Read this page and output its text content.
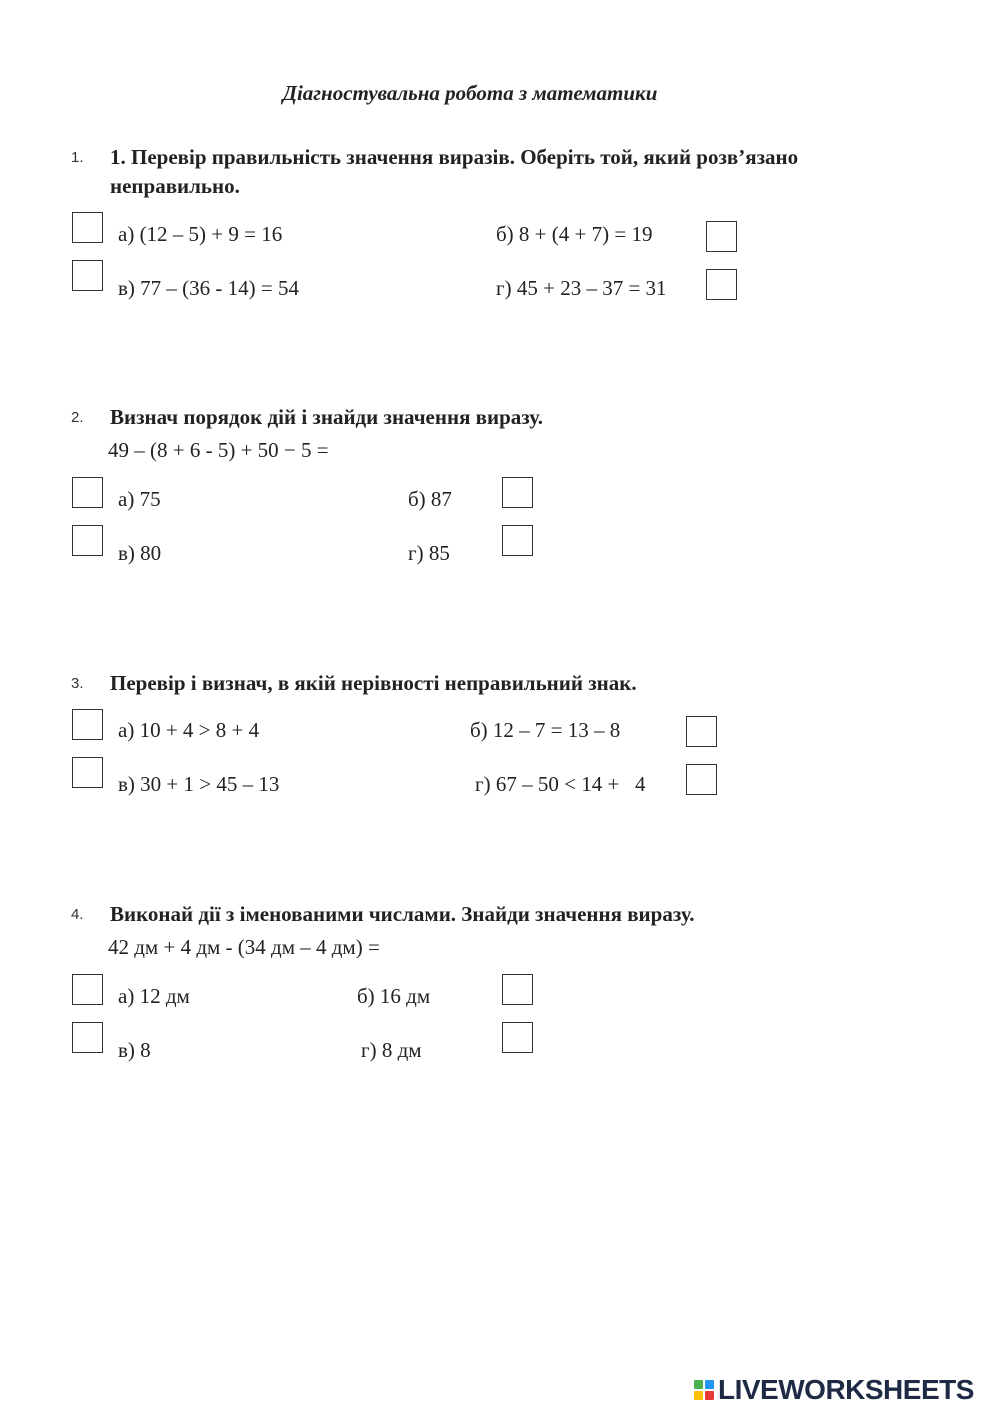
Діагностувальна робота з математики
1. 1. Перевір правильність значення виразів. Оберіть той, який розв’язано неправильно.
а) (12 – 5) + 9 = 16	б) 8 + (4 + 7) = 19
в) 77 – (36 - 14) = 54	г) 45 + 23 – 37 = 31
2. Визнач порядок дій і знайди значення виразу.
49 – (8 + 6 - 5) + 50 − 5 =
а) 75	б) 87
в) 80	г) 85
3. Перевір і визнач, в якій нерівності неправильний знак.
а) 10 + 4 > 8 + 4	б) 12 – 7 = 13 – 8
в) 30 + 1 > 45 – 13	г) 67 – 50 < 14 +   4
4. Виконай дії з іменованими числами. Знайди значення виразу.
42 дм + 4 дм - (34 дм – 4 дм) =
а) 12 дм	б) 16 дм
в) 8	г) 8 дм
LIVEWORKSHEETS
